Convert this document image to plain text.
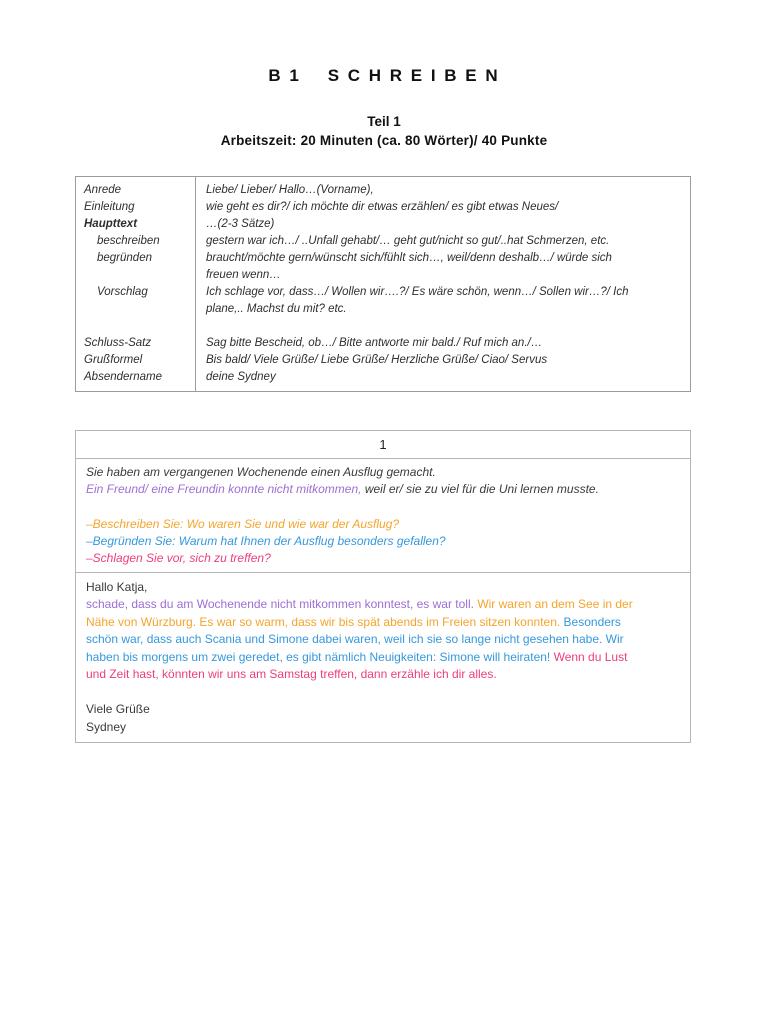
B 1    S C H R E I B E N
Teil 1
Arbeitszeit: 20 Minuten (ca. 80 Wörter)/ 40 Punkte
Anrede
Einleitung
Haupttext
beschreiben
begründen
Vorschlag
Schluss-Satz
Grußformel
Absendername
Liebe/ Lieber/ Hallo…(Vorname),
wie geht es dir?/ ich möchte dir etwas erzählen/ es gibt etwas Neues/
…(2-3 Sätze)
gestern war ich…/ ..Unfall gehabt/… geht gut/nicht so gut/..hat Schmerzen, etc.
braucht/möchte gern/wünscht sich/fühlt sich…, weil/denn deshalb…/ würde sich
freuen wenn…
Ich schlage vor, dass…/ Wollen wir….?/ Es wäre schön, wenn…/ Sollen wir…?/ Ich
plane,.. Machst du mit? etc.
Sag bitte Bescheid, ob…/ Bitte antworte mir bald./ Ruf mich an./…
Bis bald/ Viele Grüße/ Liebe Grüße/ Herzliche Grüße/ Ciao/ Servus
deine Sydney
1
Sie haben am vergangenen Wochenende einen Ausflug gemacht.
Ein Freund/ eine Freundin konnte nicht mitkommen, weil er/ sie zu viel für die Uni lernen musste.
–Beschreiben Sie: Wo waren Sie und wie war der Ausflug?
–Begründen Sie: Warum hat Ihnen der Ausflug besonders gefallen?
–Schlagen Sie vor, sich zu treffen?
Hallo Katja,
schade, dass du am Wochenende nicht mitkommen konntest, es war toll. Wir waren an dem See in der
Nähe von Würzburg. Es war so warm, dass wir bis spät abends im Freien sitzen konnten. Besonders
schön war, dass auch Scania und Simone dabei waren, weil ich sie so lange nicht gesehen habe. Wir
haben bis morgens um zwei geredet, es gibt nämlich Neuigkeiten: Simone will heiraten! Wenn du Lust
und Zeit hast, könnten wir uns am Samstag treffen, dann erzähle ich dir alles.
Viele Grüße
Sydney
